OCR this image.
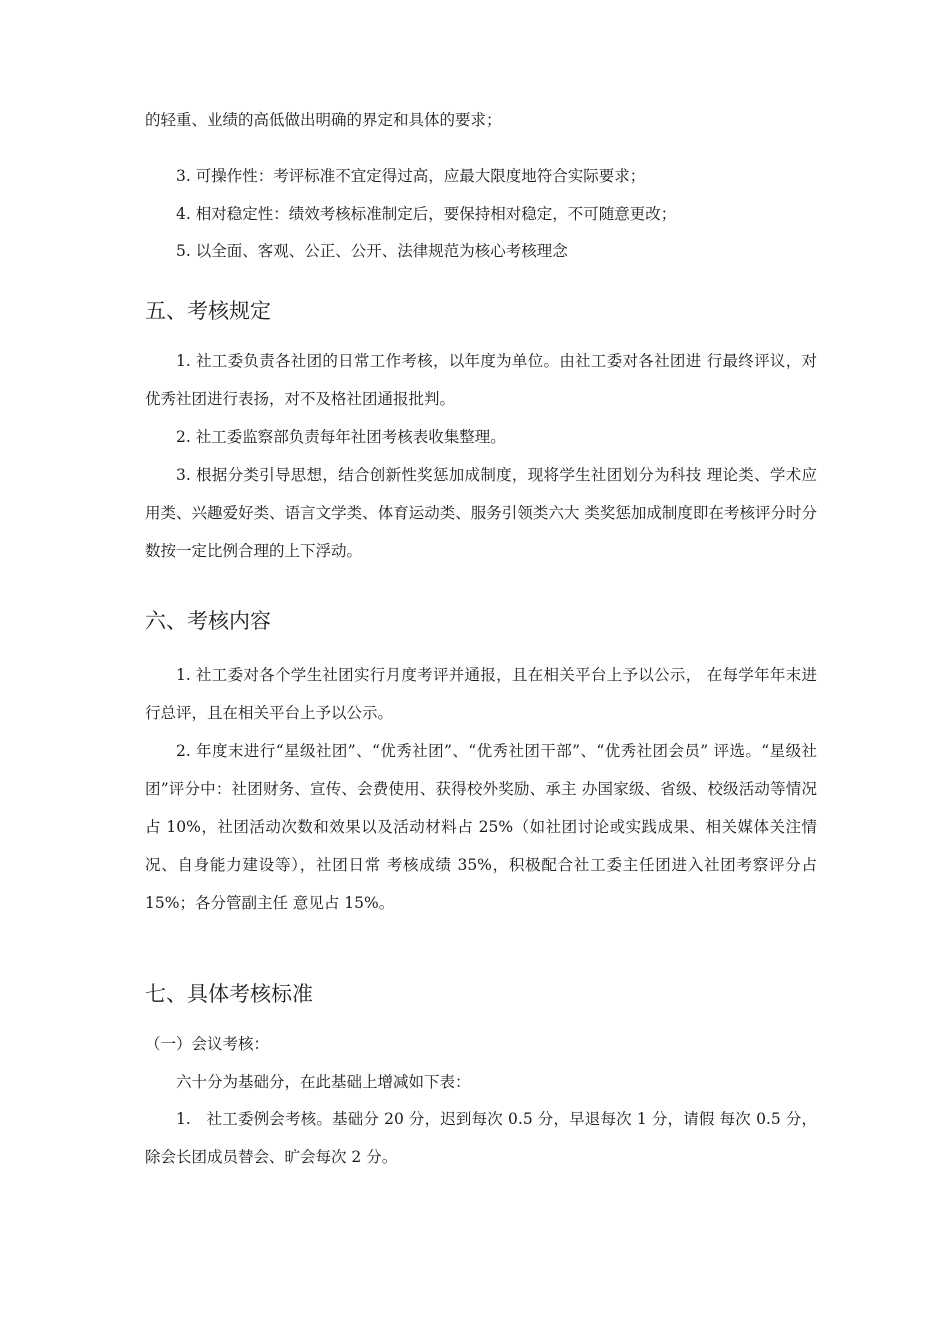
的轻重、业绩的高低做出明确的界定和具体的要求；

3. 可操作性：考评标准不宜定得过高，应最大限度地符合实际要求；

4. 相对稳定性：绩效考核标准制定后，要保持相对稳定，不可随意更改；

5. 以全面、客观、公正、公开、法律规范为核心考核理念

五、考核规定

1. 社工委负责各社团的日常工作考核，以年度为单位。由社工委对各社团进 行最终评议，对优秀社团进行表扬，对不及格社团通报批判。

2. 社工委监察部负责每年社团考核表收集整理。

3. 根据分类引导思想，结合创新性奖惩加成制度，现将学生社团划分为科技 理论类、学术应用类、兴趣爱好类、语言文学类、体育运动类、服务引领类六大 类奖惩加成制度即在考核评分时分数按一定比例合理的上下浮动。

六、考核内容

1. 社工委对各个学生社团实行月度考评并通报，且在相关平台上予以公示， 在每学年年末进行总评，且在相关平台上予以公示。

2. 年度末进行“星级社团”、“优秀社团”、“优秀社团干部”、“优秀社团会员” 评选。“星级社团”评分中：社团财务、宣传、会费使用、获得校外奖励、承主 办国家级、省级、校级活动等情况占 10%，社团活动次数和效果以及活动材料占 25%（如社团讨论或实践成果、相关媒体关注情况、自身能力建设等），社团日常 考核成绩 35%，积极配合社工委主任团进入社团考察评分占 15%；各分管副主任 意见占 15%。

七、具体考核标准

（一）会议考核：

六十分为基础分，在此基础上增减如下表：

1.　社工委例会考核。基础分 20 分，迟到每次 0.5 分，早退每次 1 分，请假 每次 0.5 分，除会长团成员替会、旷会每次 2 分。
